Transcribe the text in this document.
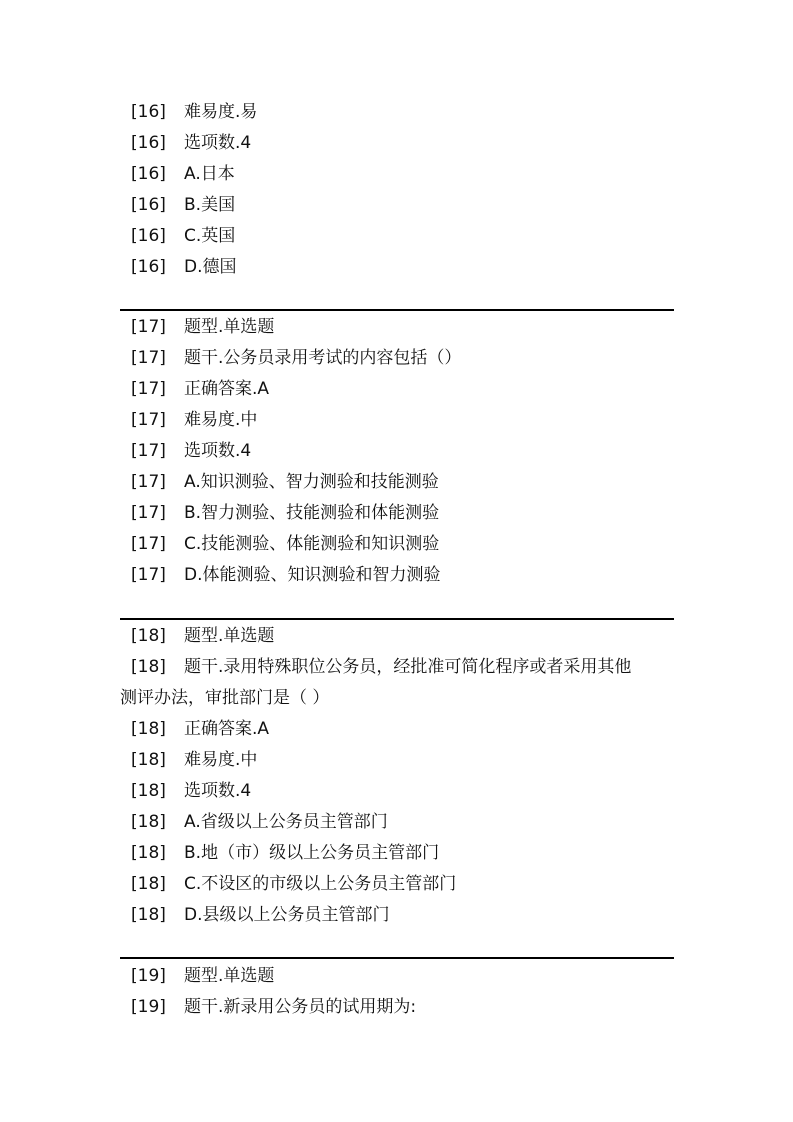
[16] 难易度.易
[16] 选项数.4
[16] A.日本
[16] B.美国
[16] C.英国
[16] D.德国
[17] 题型.单选题
[17] 题干.公务员录用考试的内容包括（）
[17] 正确答案.A
[17] 难易度.中
[17] 选项数.4
[17] A.知识测验、智力测验和技能测验
[17] B.智力测验、技能测验和体能测验
[17] C.技能测验、体能测验和知识测验
[17] D.体能测验、知识测验和智力测验
[18] 题型.单选题
[18] 题干.录用特殊职位公务员，经批准可简化程序或者采用其他
测评办法，审批部门是（ ）
[18] 正确答案.A
[18] 难易度.中
[18] 选项数.4
[18] A.省级以上公务员主管部门
[18] B.地（市）级以上公务员主管部门
[18] C.不设区的市级以上公务员主管部门
[18] D.县级以上公务员主管部门
[19] 题型.单选题
[19] 题干.新录用公务员的试用期为:
